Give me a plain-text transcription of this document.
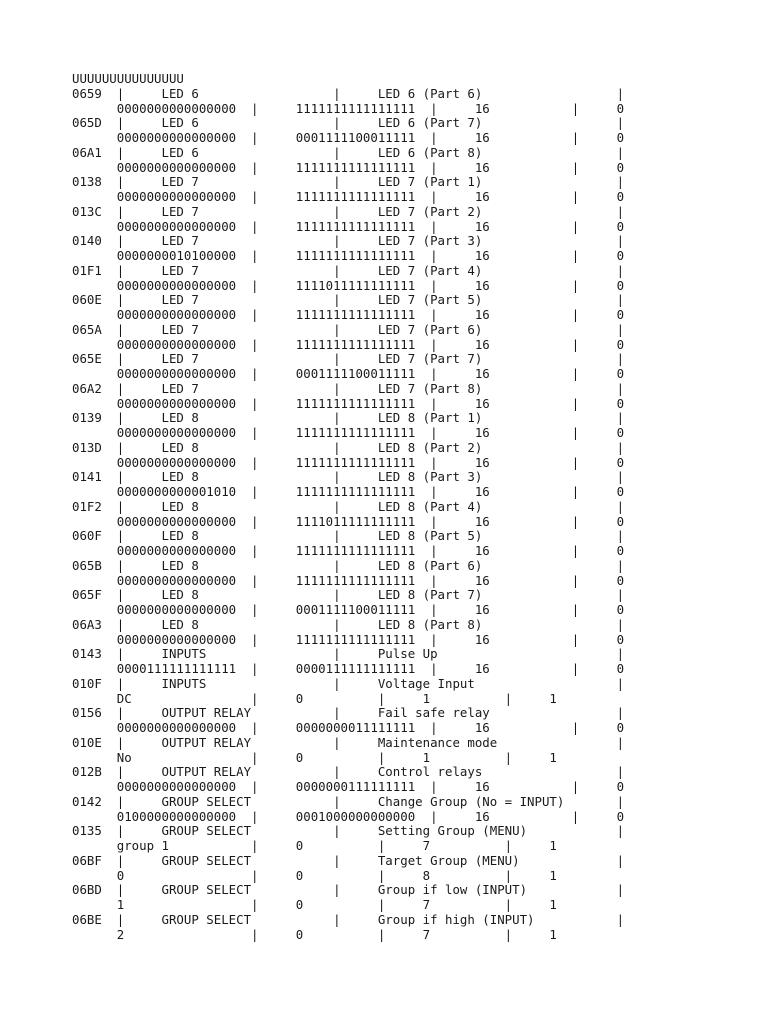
UUUUUUUUUUUUUUU
0659  |     LED 6                  |     LED 6 (Part 6)                  |
0000000000000000  |     1111111111111111  |     16           |     0
065D  |     LED 6                  |     LED 6 (Part 7)                  |
0000000000000000  |     0001111100011111  |     16           |     0
06A1  |     LED 6                  |     LED 6 (Part 8)                  |
0000000000000000  |     1111111111111111  |     16           |     0
0138  |     LED 7                  |     LED 7 (Part 1)                  |
0000000000000000  |     1111111111111111  |     16           |     0
013C  |     LED 7                  |     LED 7 (Part 2)                  |
0000000000000000  |     1111111111111111  |     16           |     0
0140  |     LED 7                  |     LED 7 (Part 3)                  |
0000000010100000  |     1111111111111111  |     16           |     0
01F1  |     LED 7                  |     LED 7 (Part 4)                  |
0000000000000000  |     1111011111111111  |     16           |     0
060E  |     LED 7                  |     LED 7 (Part 5)                  |
0000000000000000  |     1111111111111111  |     16           |     0
065A  |     LED 7                  |     LED 7 (Part 6)                  |
0000000000000000  |     1111111111111111  |     16           |     0
065E  |     LED 7                  |     LED 7 (Part 7)                  |
0000000000000000  |     0001111100011111  |     16           |     0
06A2  |     LED 7                  |     LED 7 (Part 8)                  |
0000000000000000  |     1111111111111111  |     16           |     0
0139  |     LED 8                  |     LED 8 (Part 1)                  |
0000000000000000  |     1111111111111111  |     16           |     0
013D  |     LED 8                  |     LED 8 (Part 2)                  |
0000000000000000  |     1111111111111111  |     16           |     0
0141  |     LED 8                  |     LED 8 (Part 3)                  |
0000000000001010  |     1111111111111111  |     16           |     0
01F2  |     LED 8                  |     LED 8 (Part 4)                  |
0000000000000000  |     1111011111111111  |     16           |     0
060F  |     LED 8                  |     LED 8 (Part 5)                  |
0000000000000000  |     1111111111111111  |     16           |     0
065B  |     LED 8                  |     LED 8 (Part 6)                  |
0000000000000000  |     1111111111111111  |     16           |     0
065F  |     LED 8                  |     LED 8 (Part 7)                  |
0000000000000000  |     0001111100011111  |     16           |     0
06A3  |     LED 8                  |     LED 8 (Part 8)                  |
0000000000000000  |     1111111111111111  |     16           |     0
0143  |     INPUTS                 |     Pulse Up                        |
0000111111111111  |     0000111111111111  |     16           |     0
010F  |     INPUTS                 |     Voltage Input                   |
DC                |     0          |     1          |     1
0156  |     OUTPUT RELAY           |     Fail safe relay                 |
0000000000000000  |     0000000011111111  |     16           |     0
010E  |     OUTPUT RELAY           |     Maintenance mode                |
No                |     0          |     1          |     1
012B  |     OUTPUT RELAY           |     Control relays                  |
0000000000000000  |     0000000111111111  |     16           |     0
0142  |     GROUP SELECT           |     Change Group (No = INPUT)       |
0100000000000000  |     0001000000000000  |     16           |     0
0135  |     GROUP SELECT           |     Setting Group (MENU)            |
group 1           |     0          |     7          |     1
06BF  |     GROUP SELECT           |     Target Group (MENU)             |
0                 |     0          |     8          |     1
06BD  |     GROUP SELECT           |     Group if low (INPUT)            |
1                 |     0          |     7          |     1
06BE  |     GROUP SELECT           |     Group if high (INPUT)           |
2                 |     0          |     7          |     1
